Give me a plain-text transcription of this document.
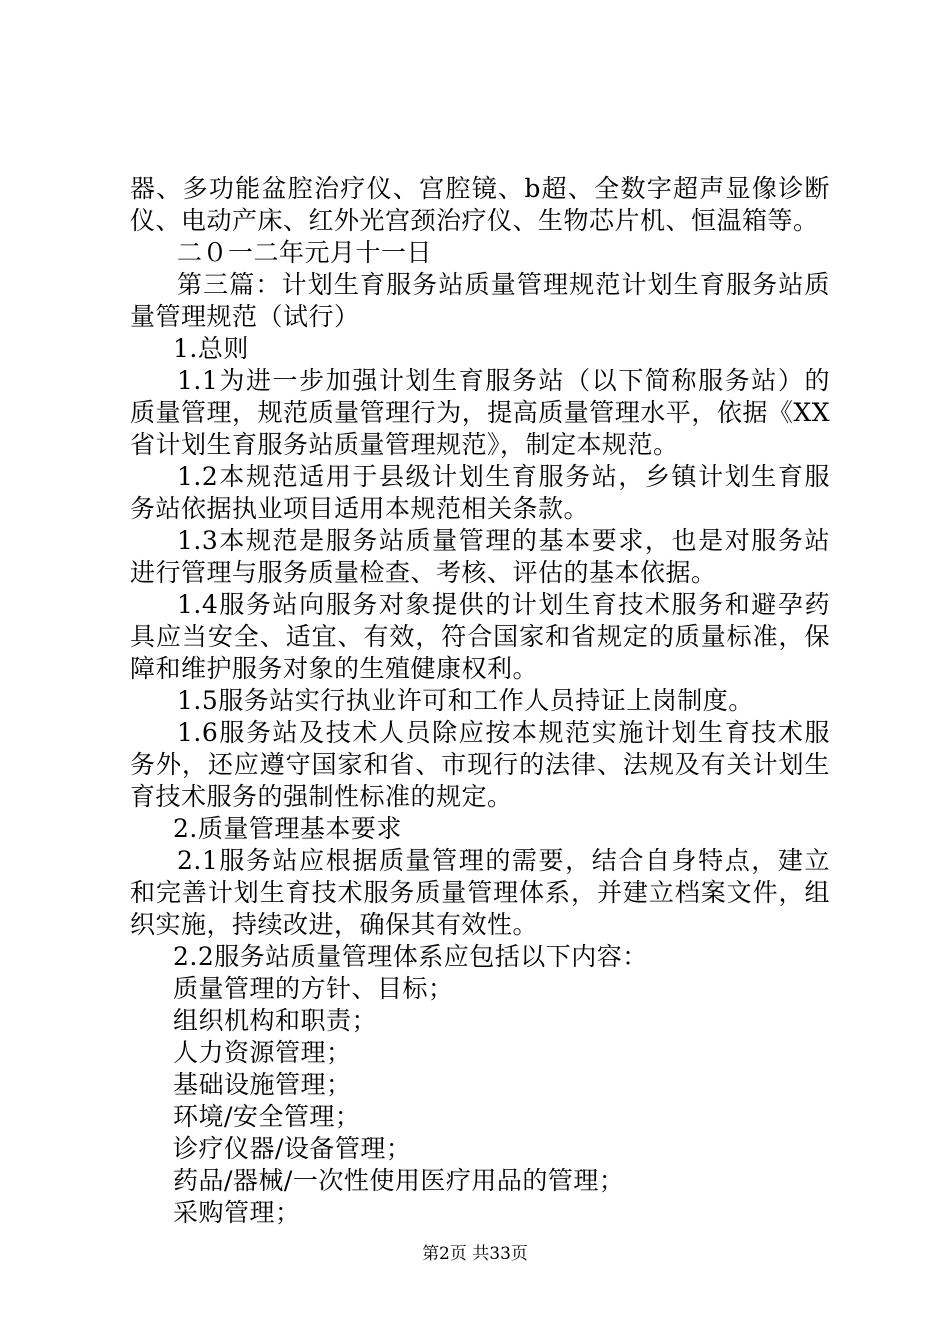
器、多功能盆腔治疗仪、宫腔镜、b超、全数字超声显像诊断
仪、电动产床、红外光宫颈治疗仪、生物芯片机、恒温箱等。
二０一二年元月十一日
第三篇：计划生育服务站质量管理规范计划生育服务站质
量管理规范（试行）
1.总则
1.1为进一步加强计划生育服务站（以下简称服务站）的
质量管理，规范质量管理行为，提高质量管理水平，依据《XX
省计划生育服务站质量管理规范》，制定本规范。
1.2本规范适用于县级计划生育服务站，乡镇计划生育服
务站依据执业项目适用本规范相关条款。
1.3本规范是服务站质量管理的基本要求，也是对服务站
进行管理与服务质量检查、考核、评估的基本依据。
1.4服务站向服务对象提供的计划生育技术服务和避孕药
具应当安全、适宜、有效，符合国家和省规定的质量标准，保
障和维护服务对象的生殖健康权利。
1.5服务站实行执业许可和工作人员持证上岗制度。
1.6服务站及技术人员除应按本规范实施计划生育技术服
务外，还应遵守国家和省、市现行的法律、法规及有关计划生
育技术服务的强制性标准的规定。
2.质量管理基本要求
2.1服务站应根据质量管理的需要，结合自身特点，建立
和完善计划生育技术服务质量管理体系，并建立档案文件，组
织实施，持续改进，确保其有效性。
2.2服务站质量管理体系应包括以下内容：
质量管理的方针、目标；
组织机构和职责；
人力资源管理；
基础设施管理；
环境/安全管理；
诊疗仪器/设备管理；
药品/器械/一次性使用医疗用品的管理；
采购管理；
第2页 共33页
